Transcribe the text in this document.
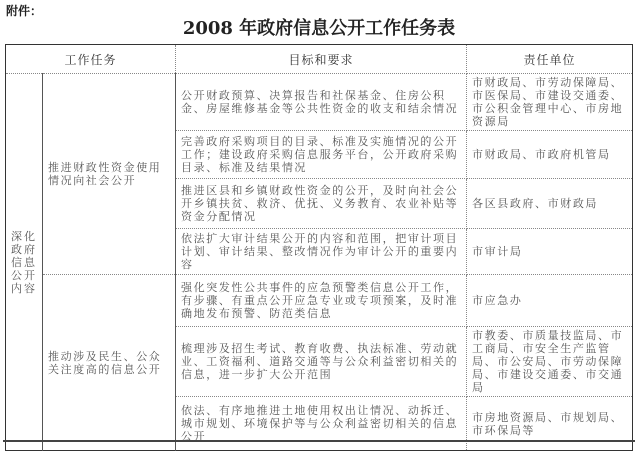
附件：
2008 年政府信息公开工作任务表
工作任务		目标和要求	责任单位
深化政府信息公开内容	推进财政性资金使用情况向社会公开	公开财政预算、决算报告和社保基金、住房公积金、房屋维修基金等公共性资金的收支和结余情况	市财政局、市劳动保障局、市医保局、市建设交通委、市公积金管理中心、市房地资源局
		完善政府采购项目的目录、标准及实施情况的公开工作；建设政府采购信息服务平台，公开政府采购目录、标准及结果情况	市财政局、市政府机管局
		推进区县和乡镇财政性资金的公开，及时向社会公开乡镇扶贫、救济、优抚、义务教育、农业补贴等资金分配情况	各区县政府、市财政局
		依法扩大审计结果公开的内容和范围，把审计项目计划、审计结果、整改情况作为审计公开的重要内容	市审计局
	推动涉及民生、公众关注度高的信息公开	强化突发性公共事件的应急预警类信息公开工作，有步骤、有重点公开应急专业或专项预案，及时准确地发布预警、防范类信息	市应急办
		梳理涉及招生考试、教育收费、执法标准、劳动就业、工资福利、道路交通等与公众利益密切相关的信息，进一步扩大公开范围	市教委、市质量技监局、市工商局、市安全生产监管局、市公安局、市劳动保障局、市建设交通委、市交通局
		依法、有序地推进土地使用权出让情况、动拆迁、城市规划、环境保护等与公众利益密切相关的信息公开	市房地资源局、市规划局、市环保局等
